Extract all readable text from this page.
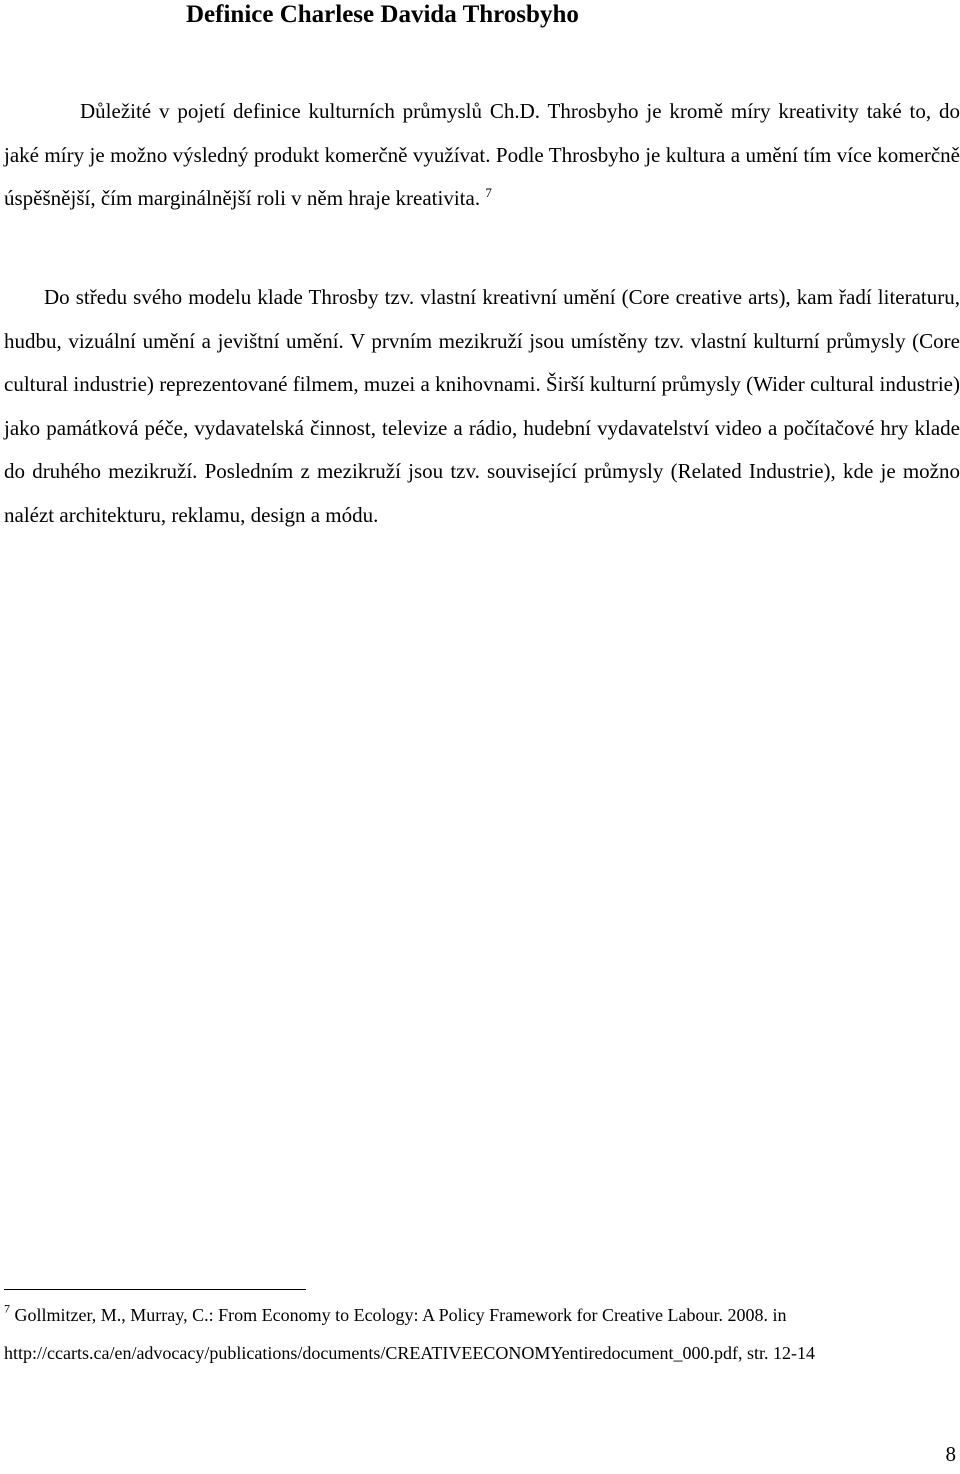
Definice Charlese Davida Throsbyho

Důležité v pojetí definice kulturních průmyslů Ch.D. Throsbyho je kromě míry kreativity také to, do jaké míry je možno výsledný produkt komerčně využívat. Podle Throsbyho je kultura a umění tím více komerčně úspěšnější, čím marginálnější roli v něm hraje kreativita. $^7$

Do středu svého modelu klade Throsby tzv. vlastní kreativní umění (Core creative arts), kam řadí literaturu, hudbu, vizuální umění a jevištní umění. V prvním mezikruží jsou umístěny tzv. vlastní kulturní průmysly (Core cultural industrie) reprezentované filmem, muzei a knihovnami. Širší kulturní průmysly (Wider cultural industrie) jako památková péče, vydavatelská činnost, televize a rádio, hudební vydavatelství video a počítačové hry klade do druhého mezikruží. Posledním z mezikruží jsou tzv. související průmysly (Related Industrie), kde je možno nalézt architekturu, reklamu, design a módu.

$^7$ Gollmitzer, M., Murray, C.: From Economy to Ecology: A Policy Framework for Creative Labour. 2008. in
http://ccarts.ca/en/advocacy/publications/documents/CREATIVEECONOMYentiredocument_000.pdf, str. 12-14
8
